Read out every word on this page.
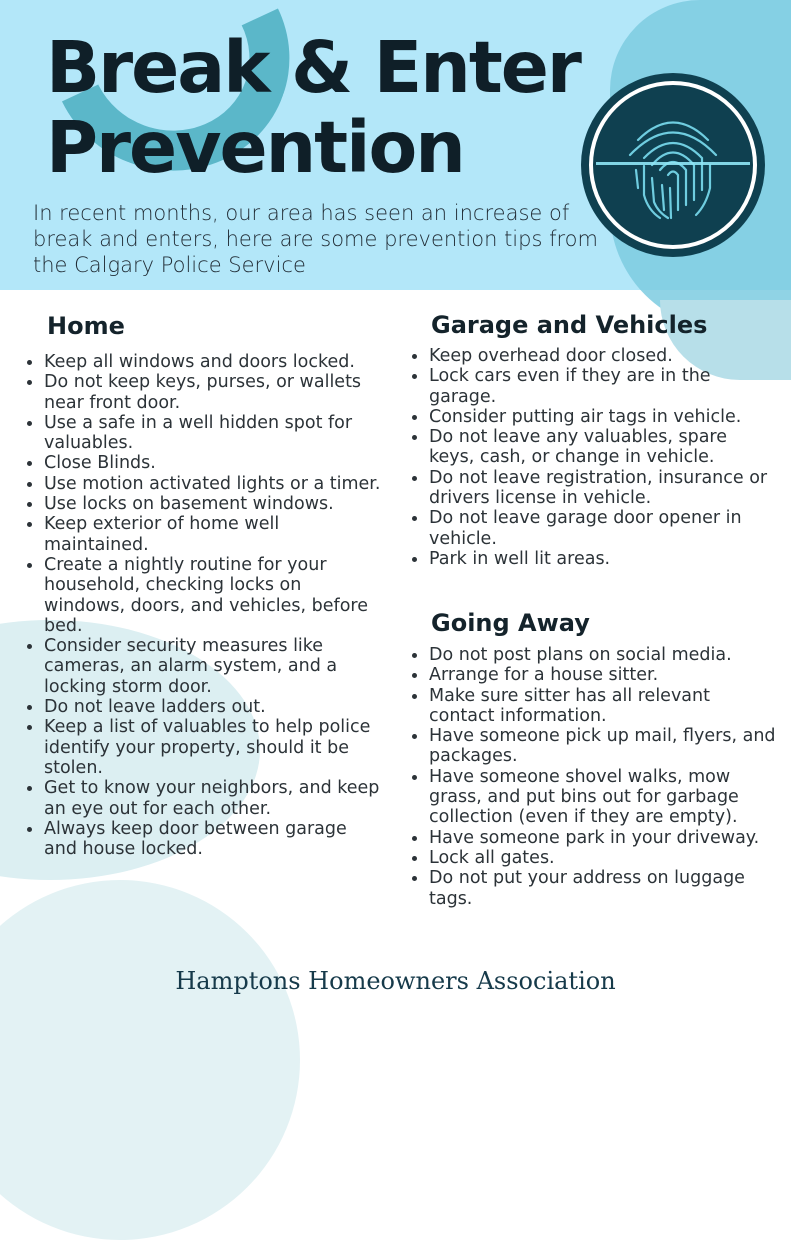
Break & Enter
Prevention

In recent months, our area has seen an increase of break and enters, here are some prevention tips from the Calgary Police Service

Home
Keep all windows and doors locked.
Do not keep keys, purses, or wallets near front door.
Use a safe in a well hidden spot for valuables.
Close Blinds.
Use motion activated lights or a timer.
Use locks on basement windows.
Keep exterior of home well maintained.
Create a nightly routine for your household, checking locks on windows, doors, and vehicles, before bed.
Consider security measures like cameras, an alarm system, and a locking storm door.
Do not leave ladders out.
Keep a list of valuables to help police identify your property, should it be stolen.
Get to know your neighbors, and keep an eye out for each other.
Always keep door between garage and house locked.
Garage and Vehicles
Keep overhead door closed.
Lock cars even if they are in the garage.
Consider putting air tags in vehicle.
Do not leave any valuables, spare keys, cash, or change in vehicle.
Do not leave registration, insurance or drivers license in vehicle.
Do not leave garage door opener in vehicle.
Park in well lit areas.
Going Away
Do not post plans on social media.
Arrange for a house sitter.
Make sure sitter has all relevant contact information.
Have someone pick up mail, flyers, and packages.
Have someone shovel walks, mow grass, and put bins out for garbage collection (even if they are empty).
Have someone park in your driveway.
Lock all gates.
Do not put your address on luggage tags.

Hamptons Homeowners Association
